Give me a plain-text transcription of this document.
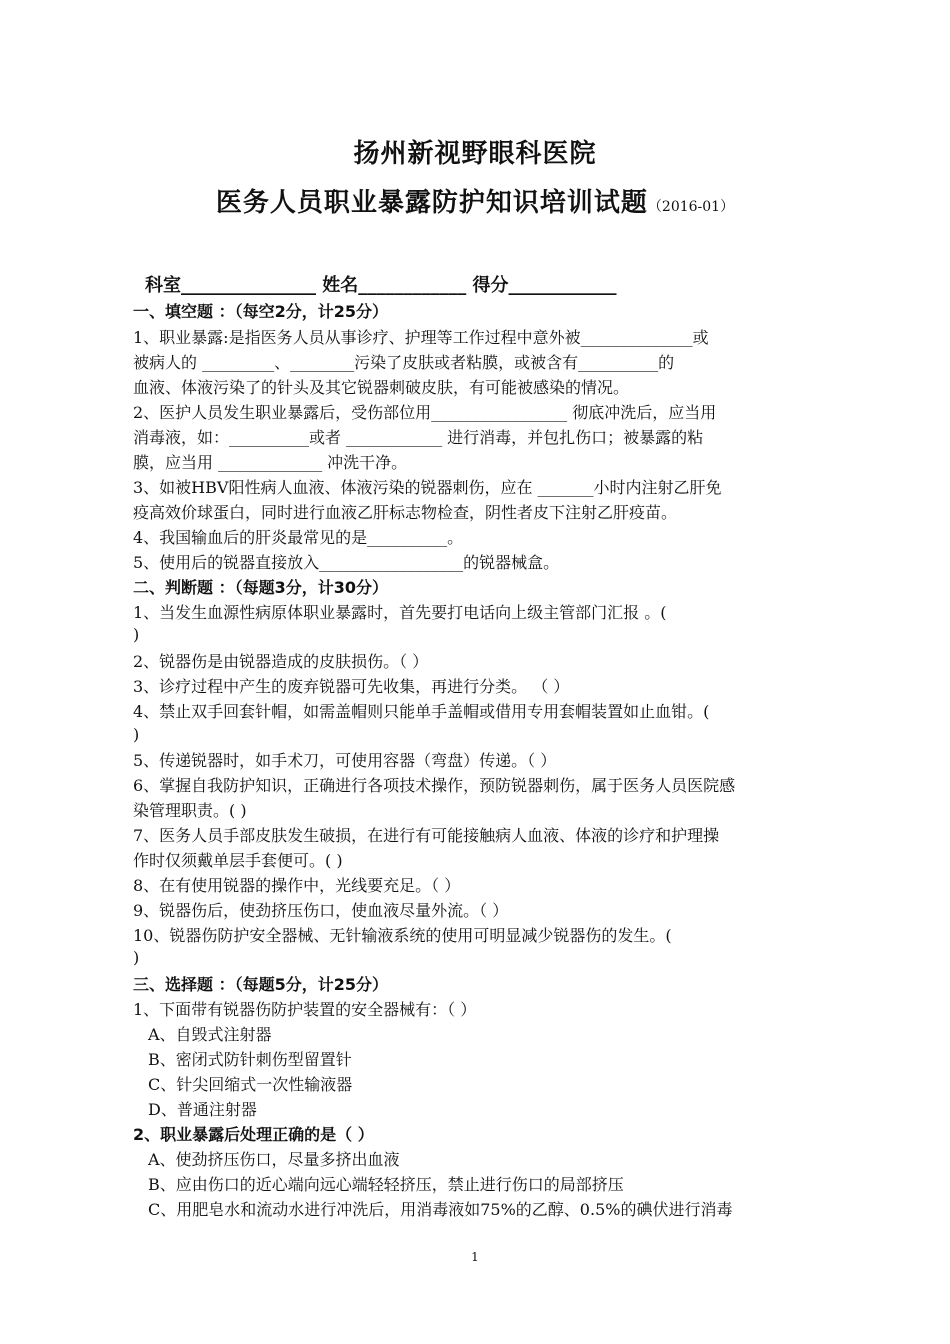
扬州新视野眼科医院
医务人员职业暴露防护知识培训试题（2016-01）
科室_______________ 姓名____________ 得分____________
一、填空题 ：（每空2分，计25分）
1、职业暴露:是指医务人员从事诊疗、护理等工作过程中意外被______________或
被病人的 _________、________污染了皮肤或者粘膜，或被含有__________的
血液、体液污染了的针头及其它锐器刺破皮肤，有可能被感染的情况。
2、医护人员发生职业暴露后，受伤部位用_________________ 彻底冲洗后，应当用
消毒液，如：__________或者 ____________ 进行消毒，并包扎伤口；被暴露的粘
膜，应当用 _____________ 冲洗干净。
3、如被HBV阳性病人血液、体液污染的锐器刺伤，应在 _______小时内注射乙肝免
疫高效价球蛋白，同时进行血液乙肝标志物检查，阴性者皮下注射乙肝疫苗。
4、我国输血后的肝炎最常见的是__________。
5、使用后的锐器直接放入__________________的锐器械盒。
二、判断题 ：（每题3分，计30分）
1、当发生血源性病原体职业暴露时，首先要打电话向上级主管部门汇报 。(
)
2、锐器伤是由锐器造成的皮肤损伤。（ ）
3、诊疗过程中产生的废弃锐器可先收集，再进行分类。 （ ）
4、禁止双手回套针帽，如需盖帽则只能单手盖帽或借用专用套帽装置如止血钳。(
)
5、传递锐器时，如手术刀，可使用容器（弯盘）传递。（ ）
6、掌握自我防护知识，正确进行各项技术操作，预防锐器刺伤，属于医务人员医院感
染管理职责。( )
7、医务人员手部皮肤发生破损，在进行有可能接触病人血液、体液的诊疗和护理操
作时仅须戴单层手套便可。( )
8、在有使用锐器的操作中，光线要充足。（ ）
9、锐器伤后，使劲挤压伤口，使血液尽量外流。（ ）
10、锐器伤防护安全器械、无针输液系统的使用可明显减少锐器伤的发生。(
)
三、选择题 ：（每题5分，计25分）
1、下面带有锐器伤防护装置的安全器械有：（ ）
A、自毁式注射器
B、密闭式防针刺伤型留置针
C、针尖回缩式一次性输液器
D、普通注射器
2、职业暴露后处理正确的是（ ）
A、使劲挤压伤口，尽量多挤出血液
B、应由伤口的近心端向远心端轻轻挤压，禁止进行伤口的局部挤压
C、用肥皂水和流动水进行冲洗后，用消毒液如75%的乙醇、0.5%的碘伏进行消毒
1
